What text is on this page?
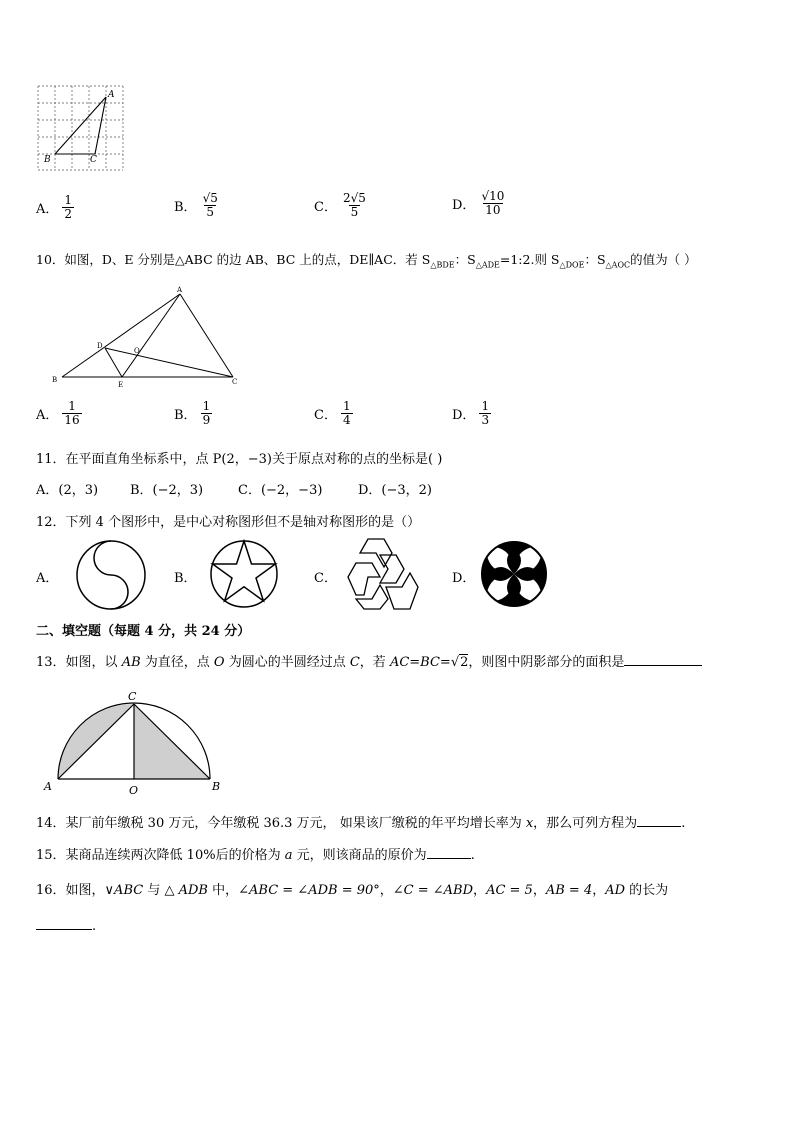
A
B	C
A． $\frac{1}{2}$	B． $\frac{√5}{5}$	C． $\frac{2√5}{5}$	D． $\frac{√10}{10}$
10．如图，D、E 分别是△ABC 的边 AB、BC 上的点，DE∥AC．若 $S_{\triangle BDE}$：$S_{\triangle ADE}=1:2$.则 $S_{\triangle DOE}$：$S_{\triangle AOC}$的值为（ ）
A
B	C
D
E
O
A． $\frac{1}{16}$	B． $\frac{1}{9}$	C． $\frac{1}{4}$	D． $\frac{1}{3}$
11．在平面直角坐标系中，点 P(2，−3)关于原点对称的点的坐标是( )
A．(2，3) B．(−2，3)	C．(−2，−3)	D．(−3，2)
12．下列 4 个图形中，是中心对称图形但不是轴对称图形的是（）
A．	B．	C．	D．
二、填空题（每题 4 分，共 24 分）
13．如图，以 AB 为直径，点 O 为圆心的半圆经过点 C，若 AC=BC=√2，则图中阴影部分的面积是
C
A	O	B
14．某厂前年缴税 30 万元，今年缴税 36.3 万元， 如果该厂缴税的年平均增长率为 x，那么可列方程为	.
15．某商品连续两次降低 10%后的价格为 a 元，则该商品的原价为	.
16．如图，∨ABC 与 △ ADB 中，∠ABC = ∠ADB = 90°，∠C = ∠ABD，AC = 5，AB = 4，AD 的长为
.
